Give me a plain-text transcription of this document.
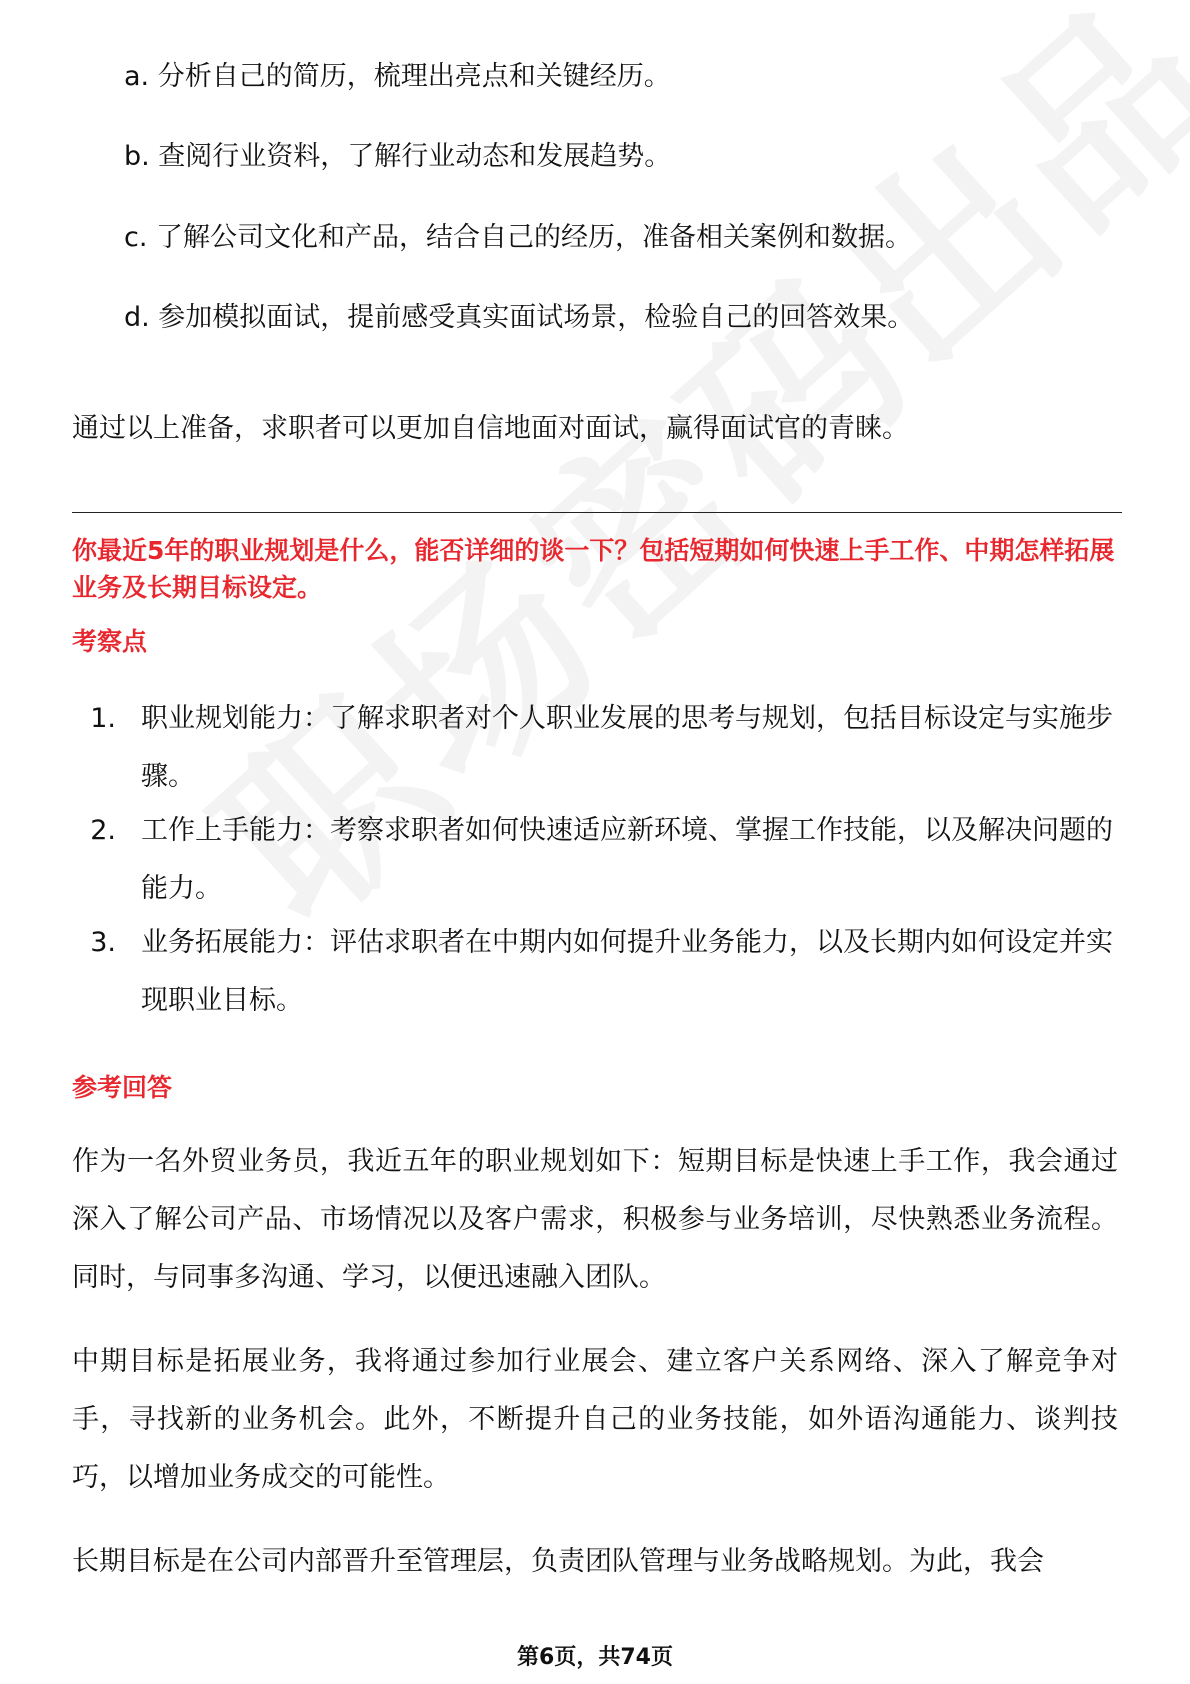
a. 分析自己的简历，梳理出亮点和关键经历。
b. 查阅行业资料，了解行业动态和发展趋势。
c. 了解公司文化和产品，结合自己的经历，准备相关案例和数据。
d. 参加模拟面试，提前感受真实面试场景，检验自己的回答效果。
通过以上准备，求职者可以更加自信地面对面试，赢得面试官的青睐。
你最近5年的职业规划是什么，能否详细的谈一下？包括短期如何快速上手工作、中期怎样拓展业务及长期目标设定。
考察点
1. 职业规划能力：了解求职者对个人职业发展的思考与规划，包括目标设定与实施步骤。
2. 工作上手能力：考察求职者如何快速适应新环境、掌握工作技能，以及解决问题的能力。
3. 业务拓展能力：评估求职者在中期内如何提升业务能力，以及长期内如何设定并实现职业目标。
参考回答
作为一名外贸业务员，我近五年的职业规划如下：短期目标是快速上手工作，我会通过深入了解公司产品、市场情况以及客户需求，积极参与业务培训，尽快熟悉业务流程。同时，与同事多沟通、学习，以便迅速融入团队。
中期目标是拓展业务，我将通过参加行业展会、建立客户关系网络、深入了解竞争对手，寻找新的业务机会。此外，不断提升自己的业务技能，如外语沟通能力、谈判技巧，以增加业务成交的可能性。
长期目标是在公司内部晋升至管理层，负责团队管理与业务战略规划。为此，我会
第6页，共74页
